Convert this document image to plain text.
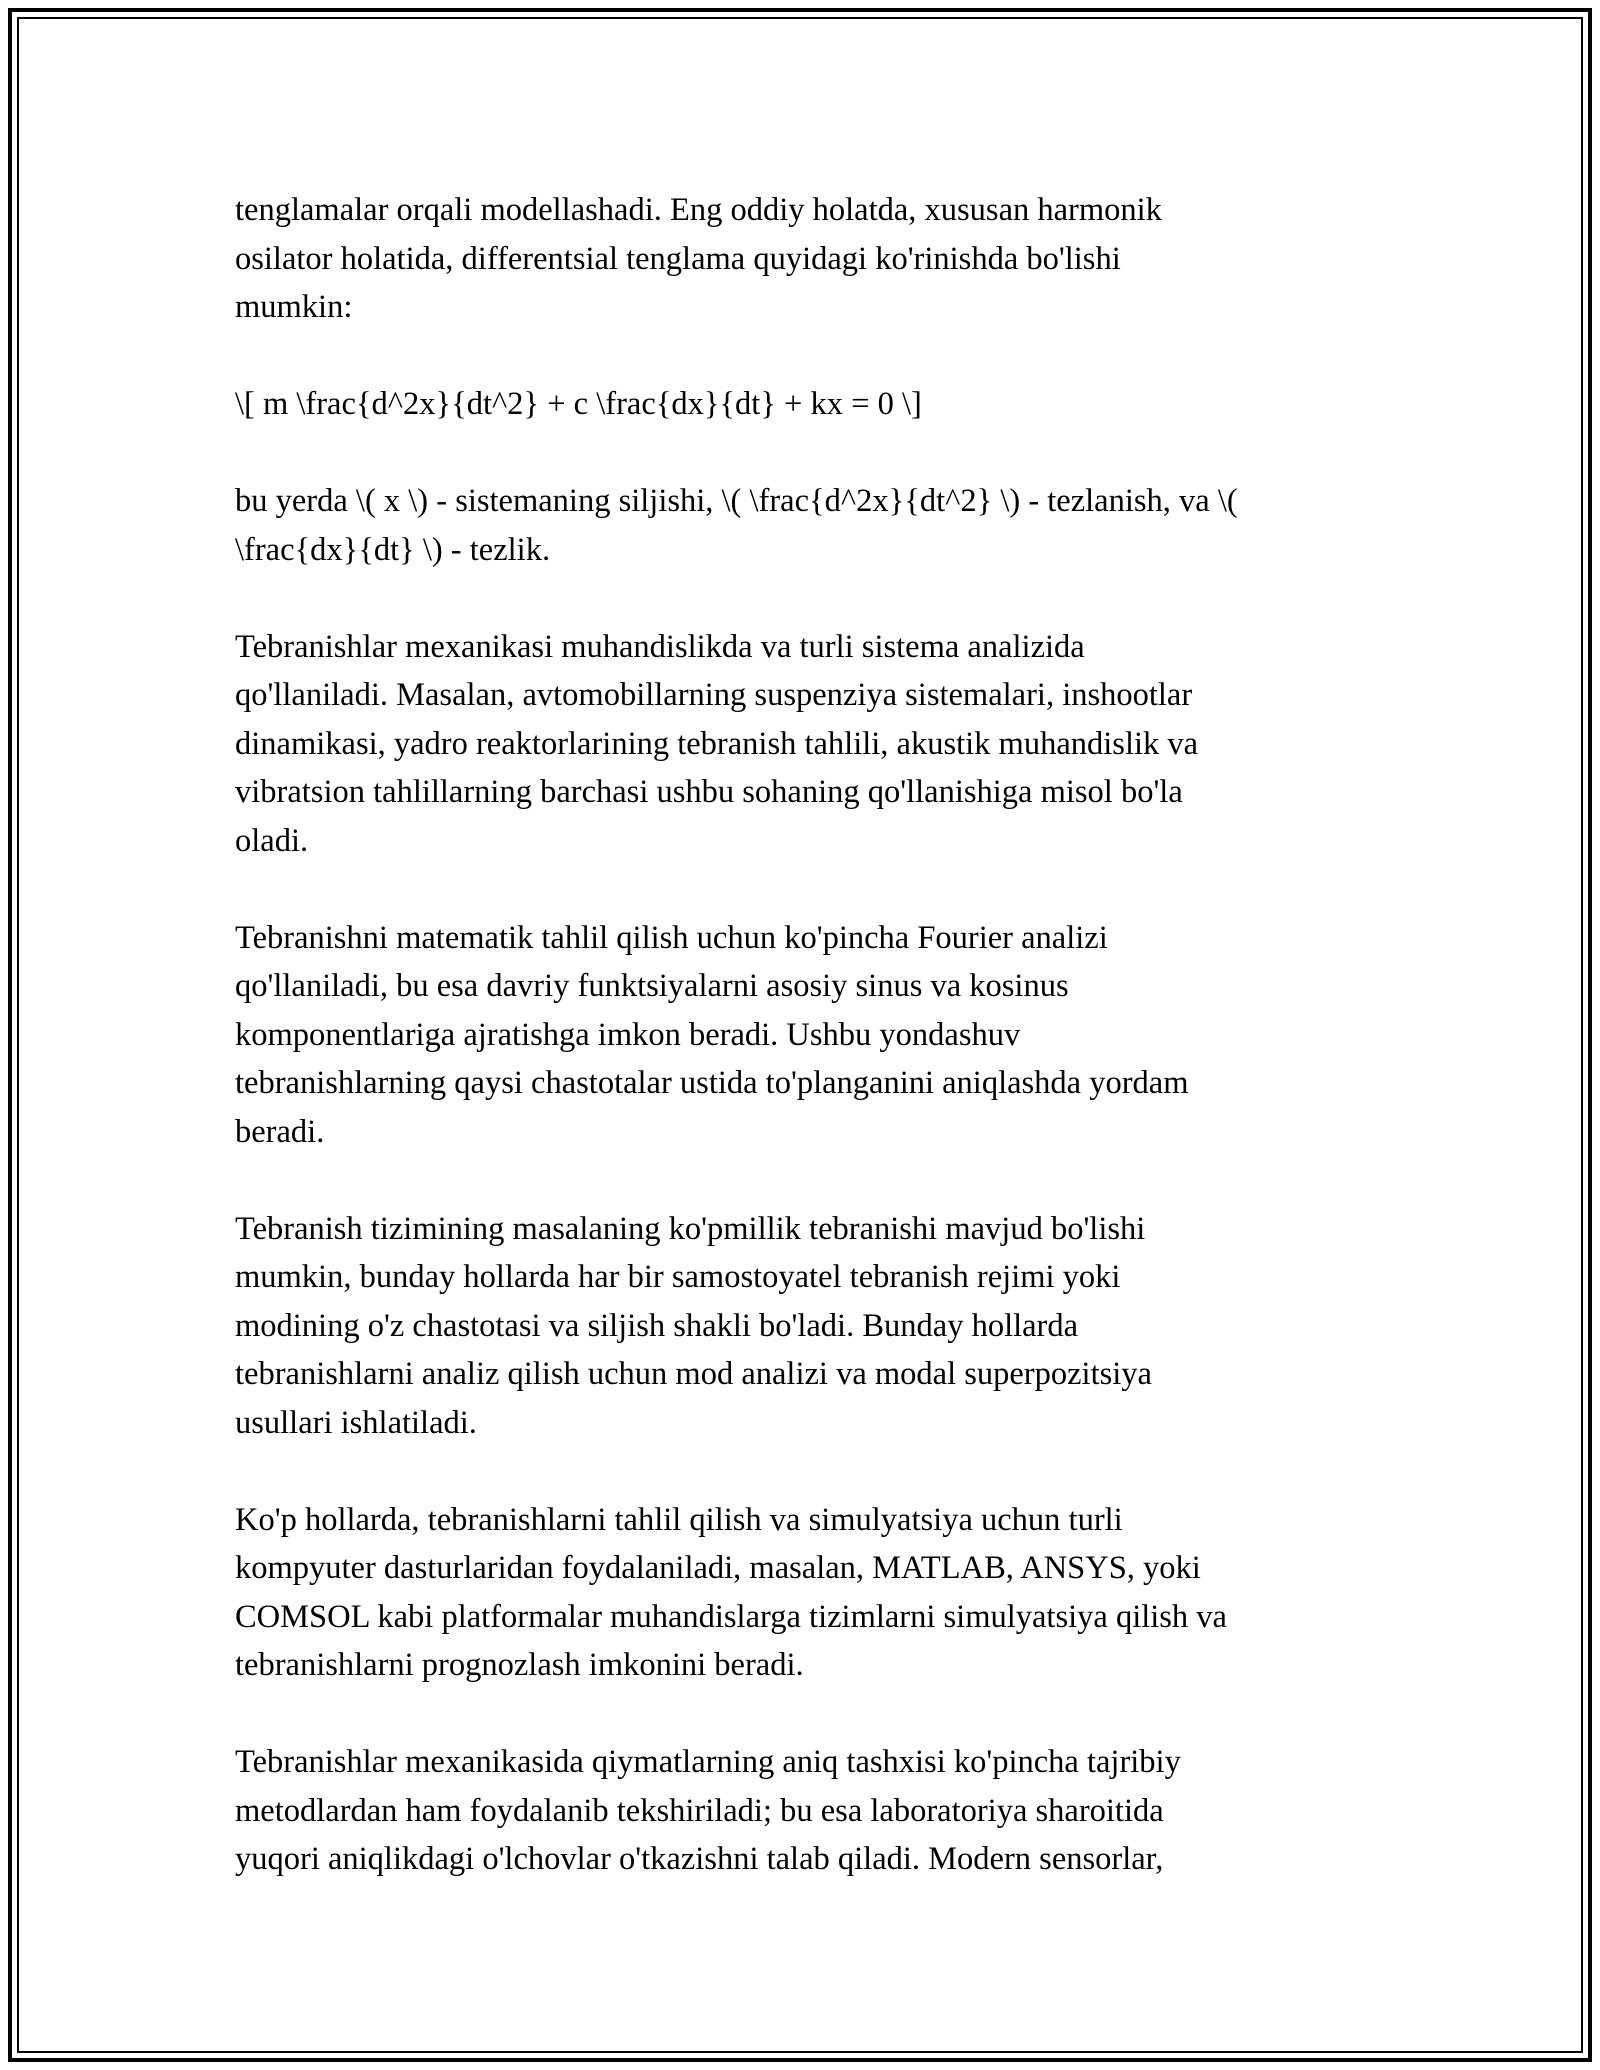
tenglamalar orqali modellashadi. Eng oddiy holatda, xususan harmonik
osilator holatida, differentsial tenglama quyidagi ko'rinishda bo'lishi
mumkin:

\[ m \frac{d^2x}{dt^2} + c \frac{dx}{dt} + kx = 0 \]

bu yerda \( x \) - sistemaning siljishi, \( \frac{d^2x}{dt^2} \) - tezlanish, va \(
\frac{dx}{dt} \) - tezlik.

Tebranishlar mexanikasi muhandislikda va turli sistema analizida
qo'llaniladi. Masalan, avtomobillarning suspenziya sistemalari, inshootlar
dinamikasi, yadro reaktorlarining tebranish tahlili, akustik muhandislik va
vibratsion tahlillarning barchasi ushbu sohaning qo'llanishiga misol bo'la
oladi.

Tebranishni matematik tahlil qilish uchun ko'pincha Fourier analizi
qo'llaniladi, bu esa davriy funktsiyalarni asosiy sinus va kosinus
komponentlariga ajratishga imkon beradi. Ushbu yondashuv
tebranishlarning qaysi chastotalar ustida to'planganini aniqlashda yordam
beradi.

Tebranish tizimining masalaning ko'pmillik tebranishi mavjud bo'lishi
mumkin, bunday hollarda har bir samostoyatel tebranish rejimi yoki
modining o'z chastotasi va siljish shakli bo'ladi. Bunday hollarda
tebranishlarni analiz qilish uchun mod analizi va modal superpozitsiya
usullari ishlatiladi.

Ko'p hollarda, tebranishlarni tahlil qilish va simulyatsiya uchun turli
kompyuter dasturlaridan foydalaniladi, masalan, MATLAB, ANSYS, yoki
COMSOL kabi platformalar muhandislarga tizimlarni simulyatsiya qilish va
tebranishlarni prognozlash imkonini beradi.

Tebranishlar mexanikasida qiymatlarning aniq tashxisi ko'pincha tajribiy
metodlardan ham foydalanib tekshiriladi; bu esa laboratoriya sharoitida
yuqori aniqlikdagi o'lchovlar o'tkazishni talab qiladi. Modern sensorlar,
